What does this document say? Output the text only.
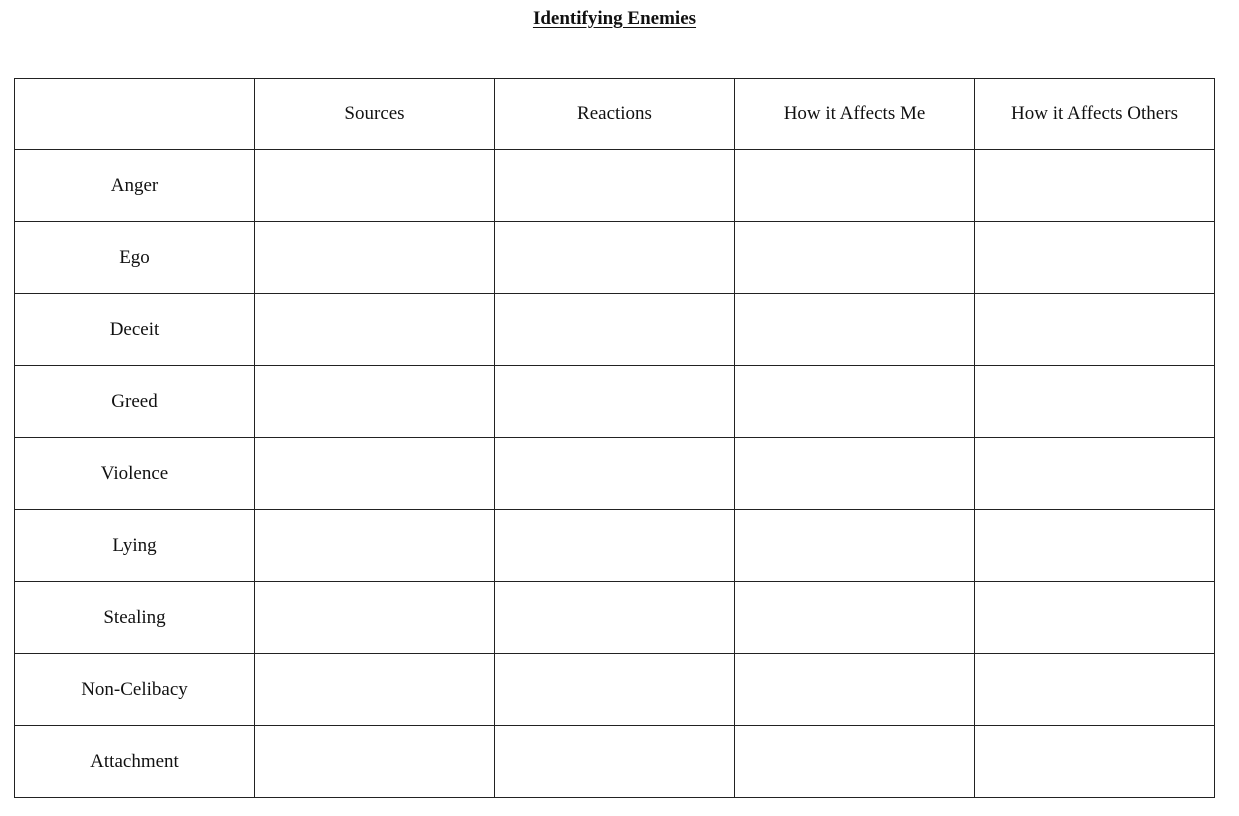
Identifying Enemies
	Sources	Reactions	How it Affects Me	How it Affects Others
Anger				
Ego				
Deceit				
Greed				
Violence				
Lying				
Stealing				
Non-Celibacy				
Attachment				
